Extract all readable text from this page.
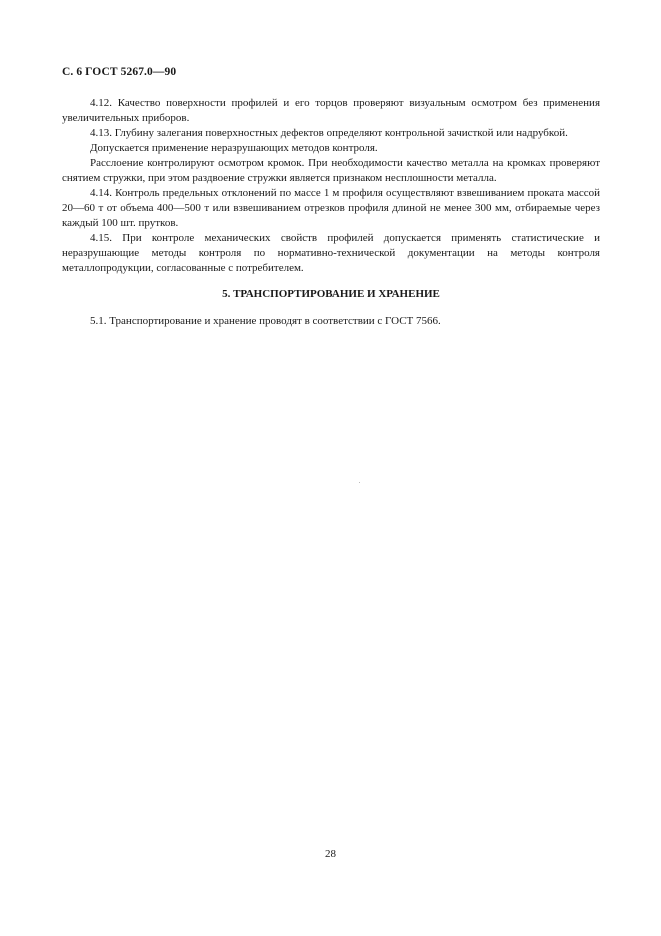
С. 6 ГОСТ 5267.0—90

4.12. Качество поверхности профилей и его торцов проверяют визуальным осмотром без применения увеличительных приборов.

4.13. Глубину залегания поверхностных дефектов определяют контрольной зачисткой или надрубкой.

Допускается применение неразрушающих методов контроля.

Расслоение контролируют осмотром кромок. При необходимости качество металла на кромках проверяют снятием стружки, при этом раздвоение стружки является признаком несплошности металла.

4.14. Контроль предельных отклонений по массе 1 м профиля осуществляют взвешиванием проката массой 20—60 т от объема 400—500 т или взвешиванием отрезков профиля длиной не менее 300 мм, отбираемые через каждый 100 шт. прутков.

4.15. При контроле механических свойств профилей допускается применять статистические и неразрушающие методы контроля по нормативно-технической документации на методы контроля металлопродукции, согласованные с потребителем.

5. ТРАНСПОРТИРОВАНИЕ И ХРАНЕНИЕ

5.1. Транспортирование и хранение проводят в соответствии с ГОСТ 7566.

28
